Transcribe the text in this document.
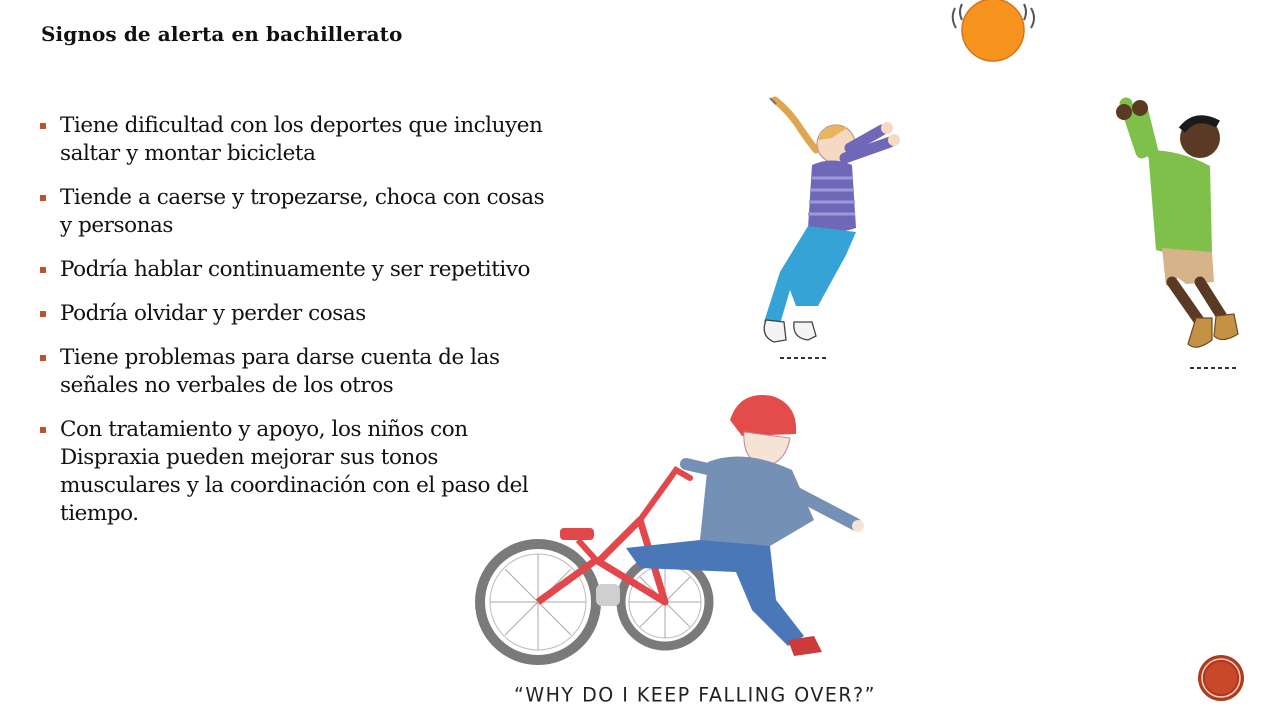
Signos de alerta en bachillerato
Tiene dificultad con los deportes que incluyen saltar y montar bicicleta
Tiende a caerse y tropezarse, choca con cosas y personas
Podría hablar continuamente y ser repetitivo
Podría olvidar y perder cosas
Tiene problemas para darse cuenta de las señales no verbales de los otros
Con tratamiento y apoyo, los niños con Dispraxia pueden mejorar sus tonos musculares y la coordinación con el paso del tiempo.
“WHY DO I KEEP FALLING OVER?”
